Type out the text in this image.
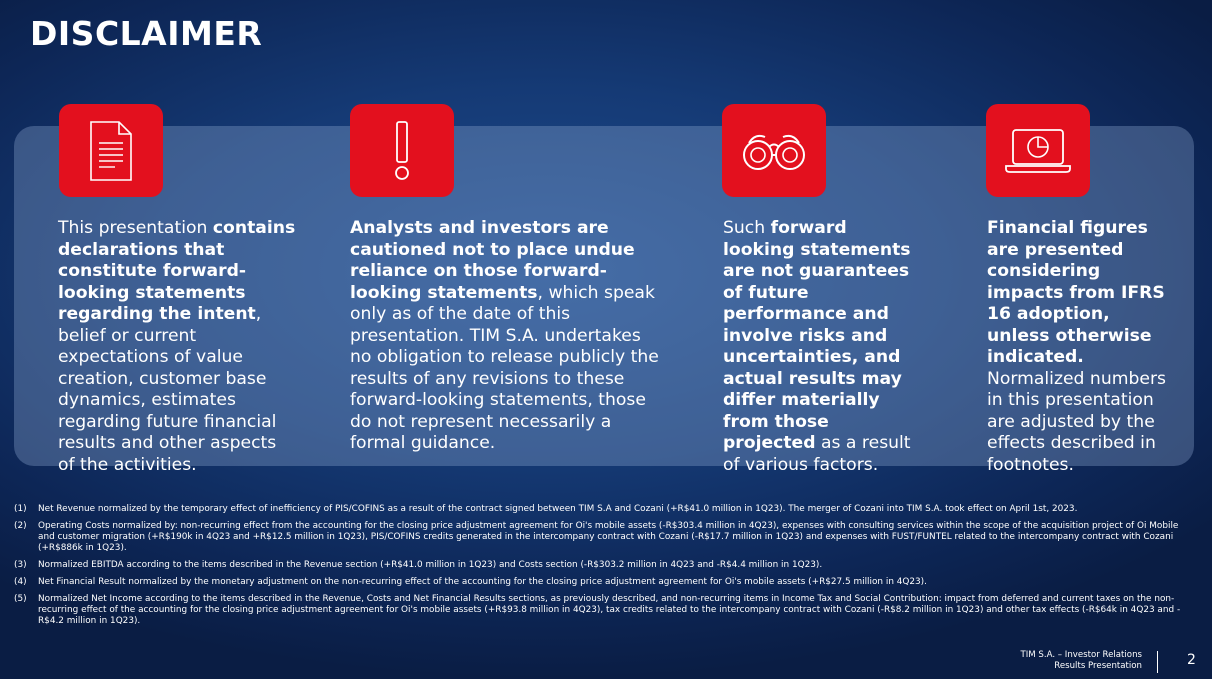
DISCLAIMER
This presentation contains declarations that constitute forward-looking statements regarding the intent, belief or current expectations of value creation, customer base dynamics, estimates regarding future financial results and other aspects of the activities.
Analysts and investors are cautioned not to place undue reliance on those forward-looking statements, which speak only as of the date of this presentation. TIM S.A. undertakes no obligation to release publicly the results of any revisions to these forward-looking statements, those do not represent necessarily a formal guidance.
Such forward looking statements are not guarantees of future performance and involve risks and uncertainties, and actual results may differ materially from those projected as a result of various factors.
Financial figures are presented considering impacts from IFRS 16 adoption, unless otherwise indicated. Normalized numbers in this presentation are adjusted by the effects described in footnotes.
(1)	Net Revenue normalized by the temporary effect of inefficiency of PIS/COFINS as a result of the contract signed between TIM S.A and Cozani (+R$41.0 million in 1Q23). The merger of Cozani into TIM S.A. took effect on April 1st, 2023.
(2)	Operating Costs normalized by: non-recurring effect from the accounting for the closing price adjustment agreement for Oi's mobile assets (-R$303.4 million in 4Q23), expenses with consulting services within the scope of the acquisition project of Oi Mobile and customer migration (+R$190k in 4Q23 and +R$12.5 million in 1Q23), PIS/COFINS credits generated in the intercompany contract with Cozani (-R$17.7 million in 1Q23) and expenses with FUST/FUNTEL related to the intercompany contract with Cozani (+R$886k in 1Q23).
(3)	Normalized EBITDA according to the items described in the Revenue section (+R$41.0 million in 1Q23) and Costs section (-R$303.2 million in 4Q23 and -R$4.4 million in 1Q23).
(4)	Net Financial Result normalized by the monetary adjustment on the non-recurring effect of the accounting for the closing price adjustment agreement for Oi's mobile assets (+R$27.5 million in 4Q23).
(5)	Normalized Net Income according to the items described in the Revenue, Costs and Net Financial Results sections, as previously described, and non-recurring items in Income Tax and Social Contribution: impact from deferred and current taxes on the non-recurring effect of the accounting for the closing price adjustment agreement for Oi's mobile assets (+R$93.8 million in 4Q23), tax credits related to the intercompany contract with Cozani (-R$8.2 million in 1Q23) and other tax effects (-R$64k in 4Q23 and -R$4.2 million in 1Q23).
TIM S.A. – Investor Relations
Results Presentation	2
